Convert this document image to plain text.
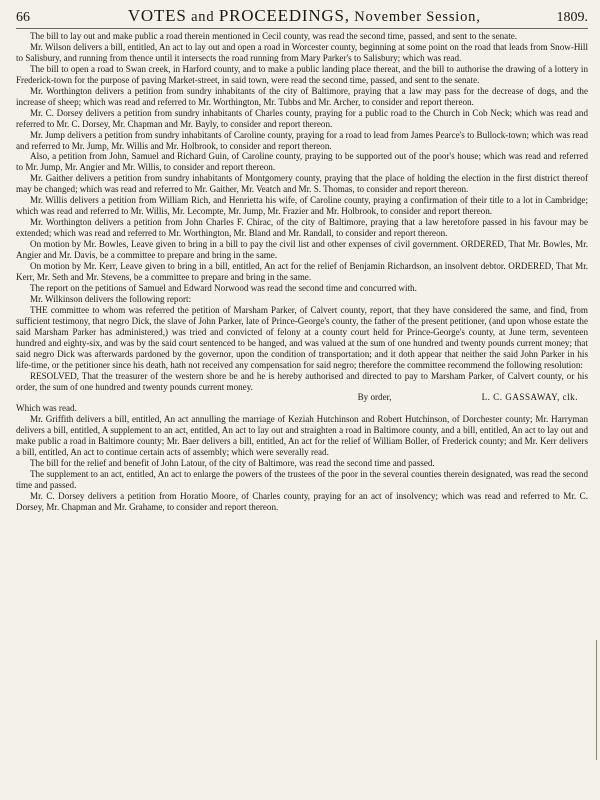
66	VOTES and PROCEEDINGS, November Session,	1809.

The bill to lay out and make public a road therein mentioned in Cecil county, was read the second time, passed, and sent to the senate.

Mr. Wilson delivers a bill, entitled, An act to lay out and open a road in Worcester county, beginning at some point on the road that leads from Snow-Hill to Salisbury, and running from thence until it intersects the road running from Mary Parker's to Salisbury; which was read.

The bill to open a road to Swan creek, in Harford county, and to make a public landing place thereat, and the bill to authorise the drawing of a lottery in Frederick-town for the purpose of paving Market-street, in said town, were read the second time, passed, and sent to the senate.

Mr. Worthington delivers a petition from sundry inhabitants of the city of Baltimore, praying that a law may pass for the decrease of dogs, and the increase of sheep; which was read and referred to Mr. Worthington, Mr. Tubbs and Mr. Archer, to consider and report thereon.

Mr. C. Dorsey delivers a petition from sundry inhabitants of Charles county, praying for a public road to the Church in Cob Neck; which was read and referred to Mr. C. Dorsey, Mr. Chapman and Mr. Bayly, to consider and report thereon.

Mr. Jump delivers a petition from sundry inhabitants of Caroline county, praying for a road to lead from James Pearce's to Bullock-town; which was read and referred to Mr. Jump, Mr. Willis and Mr. Holbrook, to consider and report thereon.

Also, a petition from John, Samuel and Richard Guin, of Caroline county, praying to be supported out of the poor's house; which was read and referred to Mr. Jump, Mr. Angier and Mr. Willis, to consider and report thereon.

Mr. Gaither delivers a petition from sundry inhabitants of Montgomery county, praying that the place of holding the election in the first district thereof may be changed; which was read and referred to Mr. Gaither, Mr. Veatch and Mr. S. Thomas, to consider and report thereon.

Mr. Willis delivers a petition from William Rich, and Henrietta his wife, of Caroline county, praying a confirmation of their title to a lot in Cambridge; which was read and referred to Mr. Willis, Mr. Lecompte, Mr. Jump, Mr. Frazier and Mr. Holbrook, to consider and report thereon.

Mr. Worthington delivers a petition from John Charles F. Chirac, of the city of Baltimore, praying that a law heretofore passed in his favour may be extended; which was read and referred to Mr. Worthington, Mr. Bland and Mr. Randall, to consider and report thereon.

On motion by Mr. Bowles, Leave given to bring in a bill to pay the civil list and other expenses of civil government. ORDERED, That Mr. Bowles, Mr. Angier and Mr. Davis, be a committee to prepare and bring in the same.

On motion by Mr. Kerr, Leave given to bring in a bill, entitled, An act for the relief of Benjamin Richardson, an insolvent debtor. ORDERED, That Mr. Kerr, Mr. Seth and Mr. Stevens, be a committee to prepare and bring in the same.

The report on the petitions of Samuel and Edward Norwood was read the second time and concurred with.

Mr. Wilkinson delivers the following report:

THE committee to whom was referred the petition of Marsham Parker, of Calvert county, report, that they have considered the same, and find, from sufficient testimony, that negro Dick, the slave of John Parker, late of Prince-George's county, the father of the present petitioner, (and upon whose estate the said Marsham Parker has administered,) was tried and convicted of felony at a county court held for Prince-George's county, at June term, seventeen hundred and eighty-six, and was by the said court sentenced to be hanged, and was valued at the sum of one hundred and twenty pounds current money; that said negro Dick was afterwards pardoned by the governor, upon the condition of transportation; and it doth appear that neither the said John Parker in his life-time, or the petitioner since his death, hath not received any compensation for said negro; therefore the committee recommend the following resolution:

RESOLVED, That the treasurer of the western shore be and he is hereby authorised and directed to pay to Marsham Parker, of Calvert county, or his order, the sum of one hundred and twenty pounds current money.

By order,	L. C. GASSAWAY, clk.

Which was read.

Mr. Griffith delivers a bill, entitled, An act annulling the marriage of Keziah Hutchinson and Robert Hutchinson, of Dorchester county; Mr. Harryman delivers a bill, entitled, A supplement to an act, entitled, An act to lay out and straighten a road in Baltimore county, and a bill, entitled, An act to lay out and make public a road in Baltimore county; Mr. Baer delivers a bill, entitled, An act for the relief of William Boller, of Frederick county; and Mr. Kerr delivers a bill, entitled, An act to continue certain acts of assembly; which were severally read.

The bill for the relief and benefit of John Latour, of the city of Baltimore, was read the second time and passed.

The supplement to an act, entitled, An act to enlarge the powers of the trustees of the poor in the several counties therein designated, was read the second time and passed.

Mr. C. Dorsey delivers a petition from Horatio Moore, of Charles county, praying for an act of insolvency; which was read and referred to Mr. C. Dorsey, Mr. Chapman and Mr. Grahame, to consider and report thereon.
